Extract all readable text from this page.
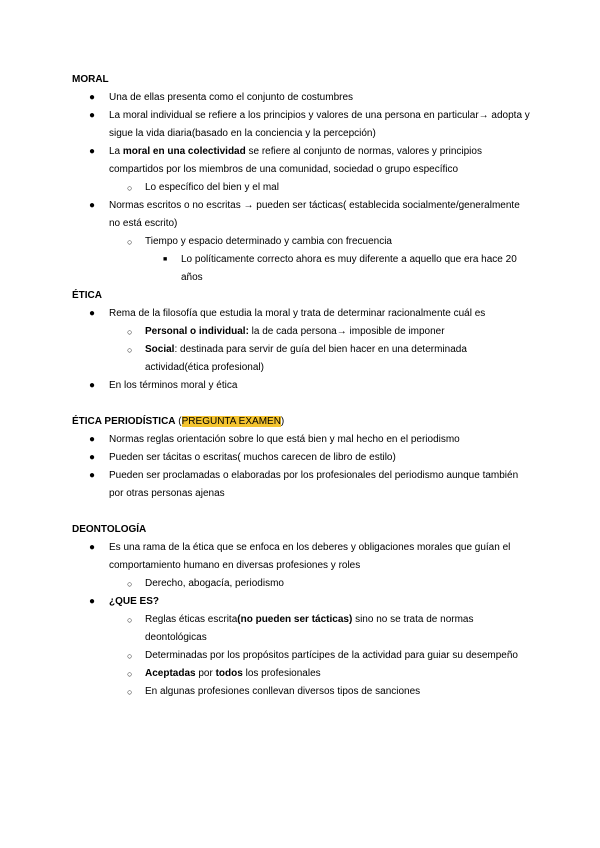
MORAL
● Una de ellas presenta como el conjunto de costumbres
● La moral individual se refiere a los principios y valores de una persona en particular→ adopta y sigue la vida diaria(basado en la conciencia y la percepción)
● La moral en una colectividad se refiere al conjunto de normas, valores y principios compartidos por los miembros de una comunidad, sociedad o grupo específico
○ Lo específico del bien y el mal
● Normas escritos o no escritas → pueden ser tácticas( establecida socialmente/generalmente no está escrito)
○ Tiempo y espacio determinado y cambia con frecuencia
■ Lo políticamente correcto ahora es muy diferente a aquello que era hace 20 años
ÉTICA
● Rema de la filosofía que estudia la moral y trata de determinar racionalmente cuál es
○ Personal o individual: la de cada persona→ imposible de imponer
○ Social: destinada para servir de guía del bien hacer en una determinada actividad(ética profesional)
● En los términos moral y ética
ÉTICA PERIODÍSTICA (PREGUNTA EXAMEN)
● Normas reglas orientación sobre lo que está bien y mal hecho en el periodismo
● Pueden ser tácitas o escritas( muchos carecen de libro de estilo)
● Pueden ser proclamadas o elaboradas por los profesionales del periodismo aunque también por otras personas ajenas
DEONTOLOGÍA
● Es una rama de la ética que se enfoca en los deberes y obligaciones morales que guían el comportamiento humano en diversas profesiones y roles
○ Derecho, abogacía, periodismo
● ¿QUE ES?
○ Reglas éticas escrita(no pueden ser tácticas) sino no se trata de normas deontológicas
○ Determinadas por los propósitos partícipes de la actividad para guiar su desempeño
○ Aceptadas por todos los profesionales
○ En algunas profesiones conllevan diversos tipos de sanciones
